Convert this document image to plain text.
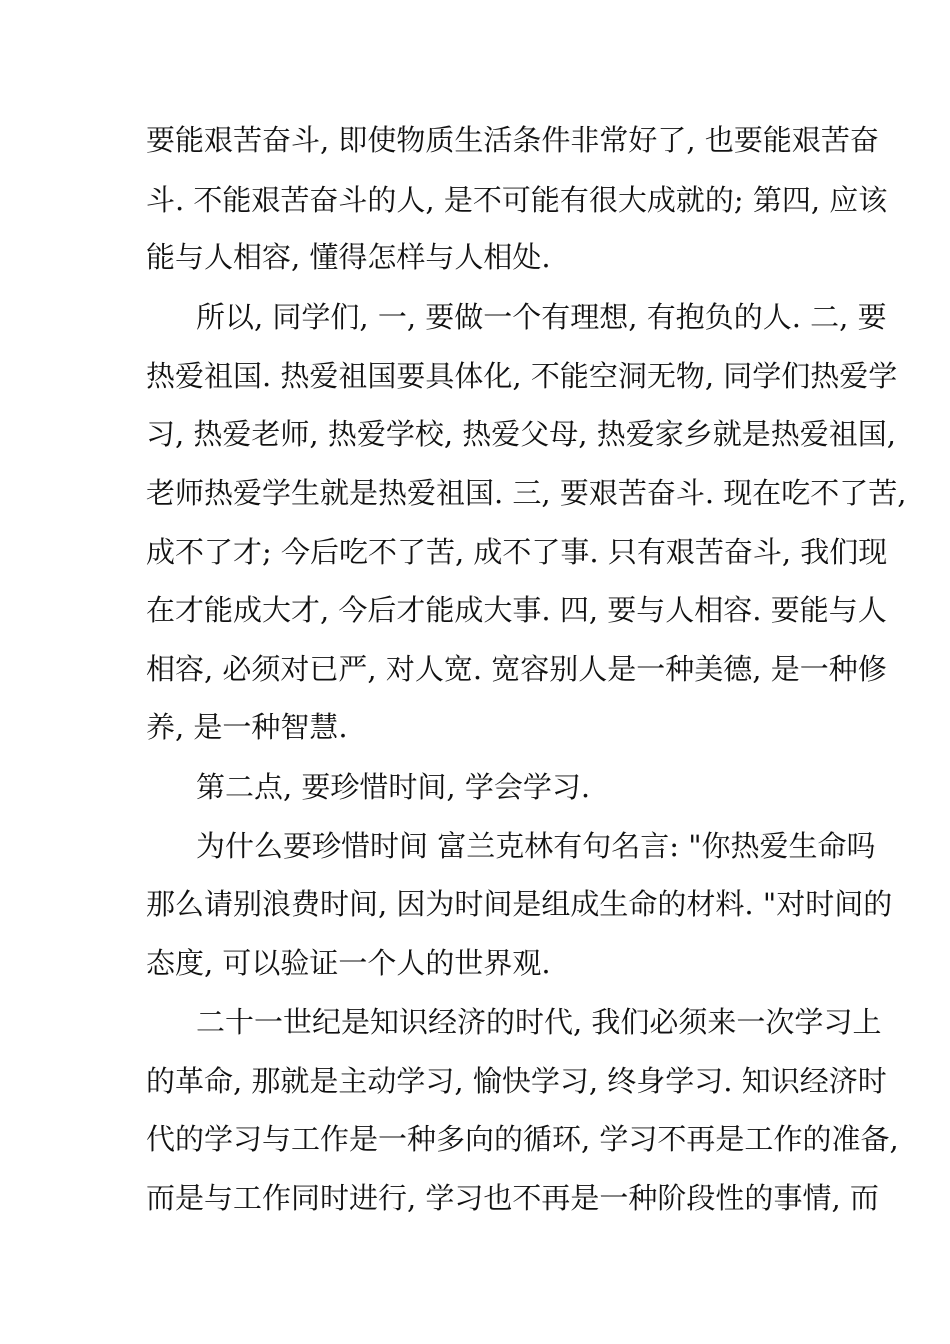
要能艰苦奋斗, 即使物质生活条件非常好了, 也要能艰苦奋
斗. 不能艰苦奋斗的人, 是不可能有很大成就的; 第四, 应该
能与人相容, 懂得怎样与人相处.
所以, 同学们, 一, 要做一个有理想, 有抱负的人. 二, 要
热爱祖国. 热爱祖国要具体化, 不能空洞无物, 同学们热爱学
习, 热爱老师, 热爱学校, 热爱父母, 热爱家乡就是热爱祖国,
老师热爱学生就是热爱祖国. 三, 要艰苦奋斗. 现在吃不了苦,
成不了才; 今后吃不了苦, 成不了事. 只有艰苦奋斗, 我们现
在才能成大才, 今后才能成大事. 四, 要与人相容. 要能与人
相容, 必须对已严, 对人宽. 宽容别人是一种美德, 是一种修
养, 是一种智慧.
第二点, 要珍惜时间, 学会学习.
为什么要珍惜时间 富兰克林有句名言: "你热爱生命吗
那么请别浪费时间, 因为时间是组成生命的材料. "对时间的
态度, 可以验证一个人的世界观.
二十一世纪是知识经济的时代, 我们必须来一次学习上
的革命, 那就是主动学习, 愉快学习, 终身学习. 知识经济时
代的学习与工作是一种多向的循环, 学习不再是工作的准备,
而是与工作同时进行, 学习也不再是一种阶段性的事情, 而
